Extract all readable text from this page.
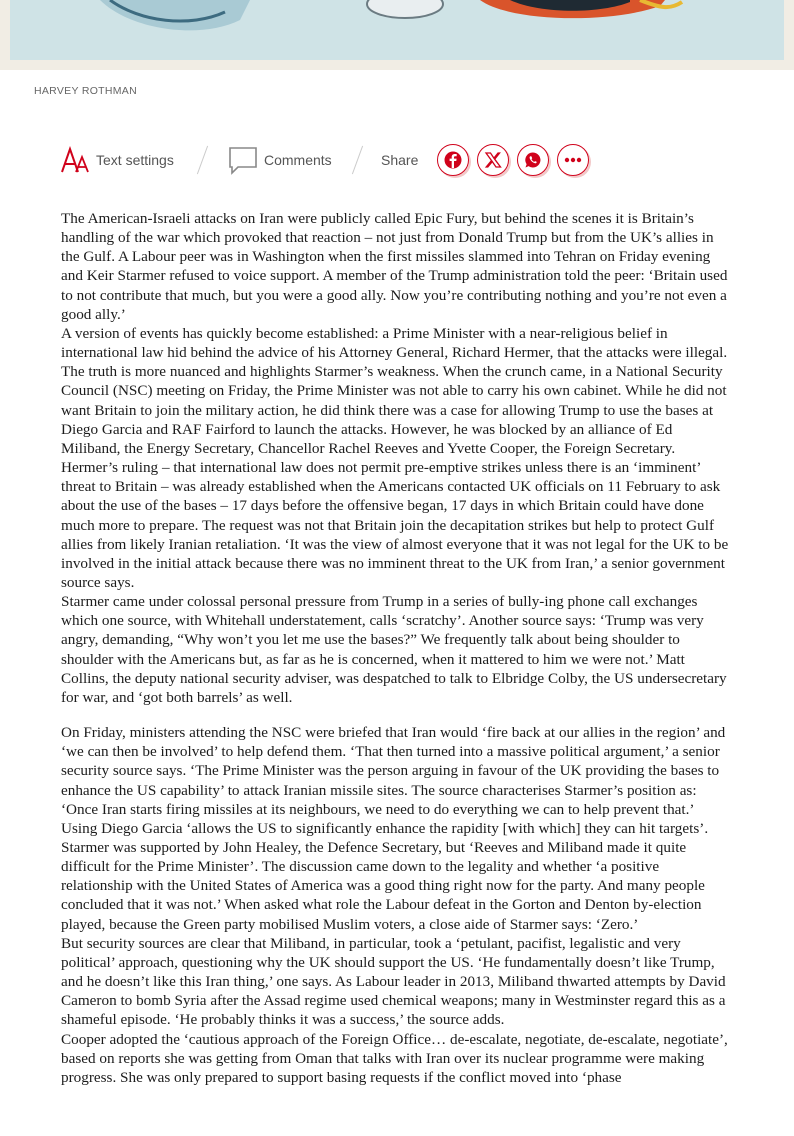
HARVEY ROTHMAN
Text settings	Comments	Share

The American-Israeli attacks on Iran were publicly called Epic Fury, but behind the scenes it is Britain’s handling of the war which provoked that reaction – not just from Donald Trump but from the UK’s allies in the Gulf. A Labour peer was in Washington when the first missiles slammed into Tehran on Friday evening and Keir Starmer refused to voice support. A member of the Trump administration told the peer: ‘Britain used to not contribute that much, but you were a good ally. Now you’re contributing nothing and you’re not even a good ally.’

A version of events has quickly become established: a Prime Minister with a near-religious belief in international law hid behind the advice of his Attorney General, Richard Hermer, that the attacks were illegal.

The truth is more nuanced and highlights Starmer’s weakness. When the crunch came, in a National Security Council (NSC) meeting on Friday, the Prime Minister was not able to carry his own cabinet. While he did not want Britain to join the military action, he did think there was a case for allowing Trump to use the bases at Diego Garcia and RAF Fairford to launch the attacks. However, he was blocked by an alliance of Ed Miliband, the Energy Secretary, Chancellor Rachel Reeves and Yvette Cooper, the Foreign Secretary.

Hermer’s ruling – that international law does not permit pre-emptive strikes unless there is an ‘imminent’ threat to Britain – was already established when the Americans contacted UK officials on 11 February to ask about the use of the bases – 17 days before the offensive began, 17 days in which Britain could have done much more to prepare. The request was not that Britain join the decapitation strikes but help to protect Gulf allies from likely Iranian retaliation. ‘It was the view of almost everyone that it was not legal for the UK to be involved in the initial attack because there was no imminent threat to the UK from Iran,’ a senior government source says.

Starmer came under colossal personal pressure from Trump in a series of bully-ing phone call exchanges which one source, with Whitehall understatement, calls ‘scratchy’. Another source says: ‘Trump was very angry, demanding, “Why won’t you let me use the bases?” We frequently talk about being shoulder to shoulder with the Americans but, as far as he is concerned, when it mattered to him we were not.’ Matt Collins, the deputy national security adviser, was despatched to talk to Elbridge Colby, the US undersecretary for war, and ‘got both barrels’ as well.

On Friday, ministers attending the NSC were briefed that Iran would ‘fire back at our allies in the region’ and ‘we can then be involved’ to help defend them. ‘That then turned into a massive political argument,’ a senior security source says. ‘The Prime Minister was the person arguing in favour of the UK providing the bases to enhance the US capability’ to attack Iranian missile sites. The source characterises Starmer’s position as: ‘Once Iran starts firing missiles at its neighbours, we need to do everything we can to help prevent that.’ Using Diego Garcia ‘allows the US to significantly enhance the rapidity [with which] they can hit targets’.

Starmer was supported by John Healey, the Defence Secretary, but ‘Reeves and Miliband made it quite difficult for the Prime Minister’. The discussion came down to the legality and whether ‘a positive relationship with the United States of America was a good thing right now for the party. And many people concluded that it was not.’ When asked what role the Labour defeat in the Gorton and Denton by-election played, because the Green party mobilised Muslim voters, a close aide of Starmer says: ‘Zero.’

But security sources are clear that Miliband, in particular, took a ‘petulant, pacifist, legalistic and very political’ approach, questioning why the UK should support the US. ‘He fundamentally doesn’t like Trump, and he doesn’t like this Iran thing,’ one says. As Labour leader in 2013, Miliband thwarted attempts by David Cameron to bomb Syria after the Assad regime used chemical weapons; many in Westminster regard this as a shameful episode. ‘He probably thinks it was a success,’ the source adds.

Cooper adopted the ‘cautious approach of the Foreign Office… de-escalate, negotiate, de-escalate, negotiate’, based on reports she was getting from Oman that talks with Iran over its nuclear programme were making progress. She was only prepared to support basing requests if the conflict moved into ‘phase
